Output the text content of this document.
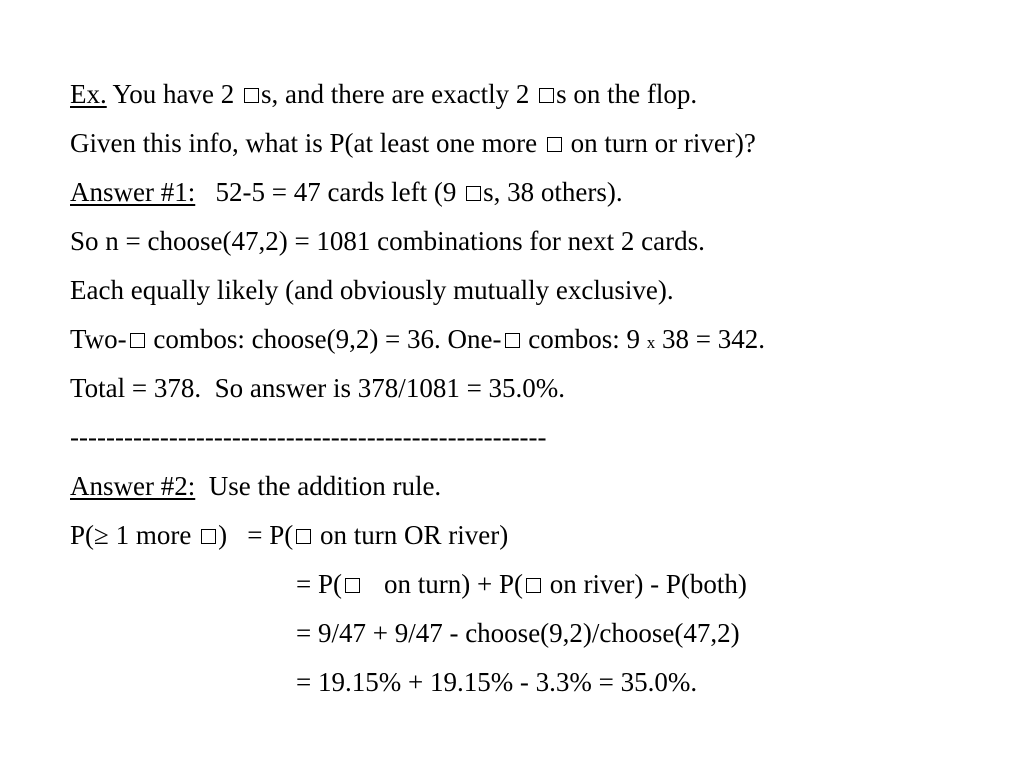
Ex. You have 2 s, and there are exactly 2 s on the flop.
Given this info, what is P(at least one more  on turn or river)?
Answer #1:   52-5 = 47 cards left (9 s, 38 others).
So n = choose(47,2) = 1081 combinations for next 2 cards.
Each equally likely (and obviously mutually exclusive).
Two- combos: choose(9,2) = 36. One- combos: 9 x 38 = 342.
Total = 378.  So answer is 378/1081 = 35.0%.
-----------------------------------------------------
Answer #2:  Use the addition rule.
P(≥ 1 more )   = P( on turn OR river)
= P( on turn) + P( on river) - P(both)
= 9/47 + 9/47 - choose(9,2)/choose(47,2)
= 19.15% + 19.15% - 3.3% = 35.0%.
